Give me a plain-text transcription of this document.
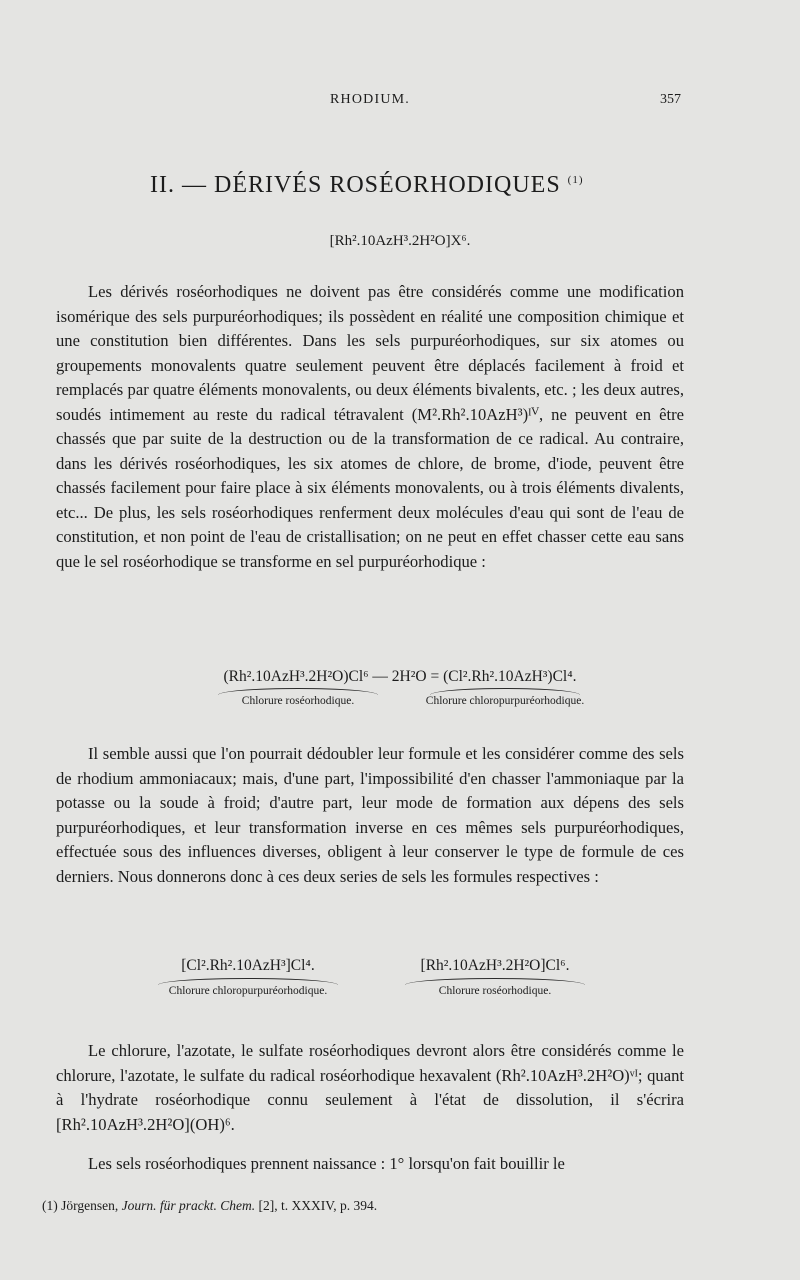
RHODIUM.	357
II. — DÉRIVÉS ROSÉORHODIQUES $^{(1)}$
[Rh².10AzH³.2H²O]X⁶.

Les dérivés roséorhodiques ne doivent pas être considérés comme une modification isomérique des sels purpuréorhodiques; ils possèdent en réalité une composition chimique et une constitution bien différentes. Dans les sels purpuréorhodiques, sur six atomes ou groupements monovalents quatre seulement peuvent être déplacés facilement à froid et remplacés par quatre éléments monovalents, ou deux éléments bivalents, etc. ; les deux autres, soudés intimement au reste du radical tétravalent (M².Rh².10AzH³)ᴵⱽ, ne peuvent en être chassés que par suite de la destruction ou de la transformation de ce radical. Au contraire, dans les dérivés roséorhodiques, les six atomes de chlore, de brome, d'iode, peuvent être chassés facilement pour faire place à six éléments monovalents, ou à trois éléments divalents, etc... De plus, les sels roséorhodiques renferment deux molécules d'eau qui sont de l'eau de constitution, et non point de l'eau de cristallisation; on ne peut en effet chasser cette eau sans que le sel roséorhodique se transforme en sel purpuréorhodique :

(Rh².10AzH³.2H²O)Cl⁶ — 2H²O = (Cl².Rh².10AzH³)Cl⁴.
Chlorure roséorhodique.	Chlorure chloropurpuréorhodique.

Il semble aussi que l'on pourrait dédoubler leur formule et les considérer comme des sels de rhodium ammoniacaux; mais, d'une part, l'impossibilité d'en chasser l'ammoniaque par la potasse ou la soude à froid; d'autre part, leur mode de formation aux dépens des sels purpuréorhodiques, et leur transformation inverse en ces mêmes sels purpuréorhodiques, effectuée sous des influences diverses, obligent à leur conserver le type de formule de ces derniers. Nous donnerons donc à ces deux series de sels les formules respectives :

[Cl².Rh².10AzH³]Cl⁴.
Chlorure chloropurpuréorhodique.
[Rh².10AzH³.2H²O]Cl⁶.
Chlorure roséorhodique.

Le chlorure, l'azotate, le sulfate roséorhodiques devront alors être considérés comme le chlorure, l'azotate, le sulfate du radical roséorhodique hexavalent (Rh².10AzH³.2H²O)ᵛᴵ; quant à l'hydrate roséorhodique connu seulement à l'état de dissolution, il s'écrira [Rh².10AzH³.2H²O](OH)⁶.

Les sels roséorhodiques prennent naissance : 1° lorsqu'on fait bouillir le

(1) Jörgensen, Journ. für prackt. Chem. [2], t. XXXIV, p. 394.
